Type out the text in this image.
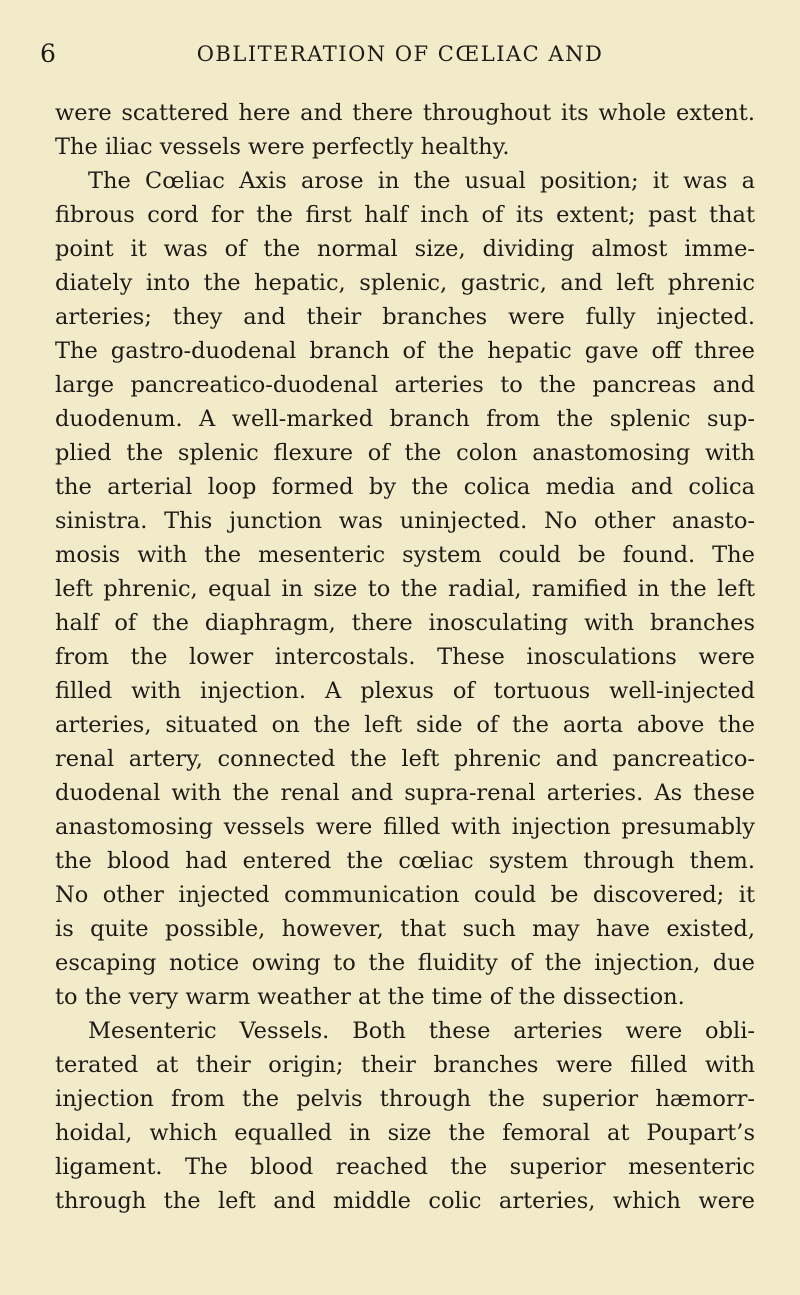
6	OBLITERATION OF CŒLIAC AND
were scattered here and there throughout its whole extent.
The iliac vessels were perfectly healthy.
The Cœliac Axis arose in the usual position; it was a
fibrous cord for the first half inch of its extent; past that
point it was of the normal size, dividing almost imme-
diately into the hepatic, splenic, gastric, and left phrenic
arteries; they and their branches were fully injected.
The gastro-duodenal branch of the hepatic gave off three
large pancreatico-duodenal arteries to the pancreas and
duodenum. A well-marked branch from the splenic sup-
plied the splenic flexure of the colon anastomosing with
the arterial loop formed by the colica media and colica
sinistra. This junction was uninjected. No other anasto-
mosis with the mesenteric system could be found. The
left phrenic, equal in size to the radial, ramified in the left
half of the diaphragm, there inosculating with branches
from the lower intercostals. These inosculations were
filled with injection. A plexus of tortuous well-injected
arteries, situated on the left side of the aorta above the
renal artery, connected the left phrenic and pancreatico-
duodenal with the renal and supra-renal arteries. As these
anastomosing vessels were filled with injection presumably
the blood had entered the cœliac system through them.
No other injected communication could be discovered; it
is quite possible, however, that such may have existed,
escaping notice owing to the fluidity of the injection, due
to the very warm weather at the time of the dissection.
Mesenteric Vessels. Both these arteries were obli-
terated at their origin; their branches were filled with
injection from the pelvis through the superior hæmorr-
hoidal, which equalled in size the femoral at Poupart’s
ligament. The blood reached the superior mesenteric
through the left and middle colic arteries, which were
